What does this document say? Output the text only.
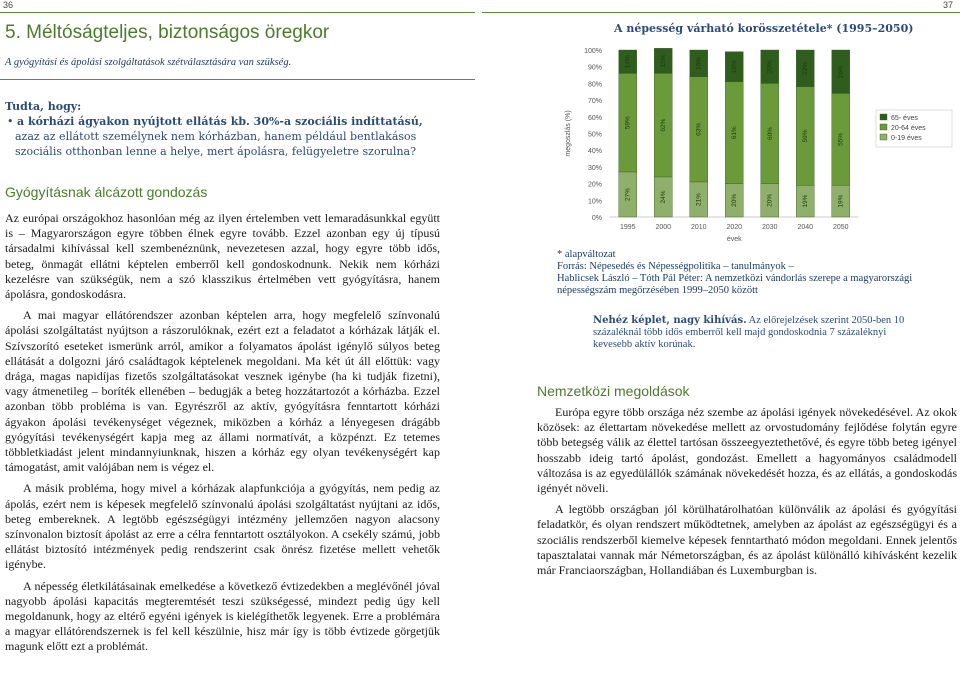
36	37
5. Méltóságteljes, biztonságos öregkor
A gyógyítási és ápolási szolgáltatások szétválasztására van szükség.
Tudta, hogy:
• a kórházi ágyakon nyújtott ellátás kb. 30%-a szociális indíttatású, azaz az ellátott személynek nem kórházban, hanem például bentlakásos szociális otthonban lenne a helye, mert ápolásra, felügyeletre szorulna?
Gyógyításnak álcázott gondozás

Az európai országokhoz hasonlóan még az ilyen értelemben vett lemaradásunkkal együtt is – Magyarországon egyre többen élnek egyre tovább. Ezzel azonban egy új típusú társadalmi kihívással kell szembenéznünk, nevezetesen azzal, hogy egyre több idős, beteg, önmagát ellátni képtelen emberről kell gondoskodnunk. Nekik nem kórházi kezelésre van szükségük, nem a szó klasszikus értelmében vett gyógyításra, hanem ápolásra, gondoskodásra.

A mai magyar ellátórendszer azonban képtelen arra, hogy megfelelő színvonalú ápolási szolgáltatást nyújtson a rászorulóknak, ezért ezt a feladatot a kórházak látják el. Szívszorító eseteket ismerünk arról, amikor a folyamatos ápolást igénylő súlyos beteg ellátását a dolgozni járó családtagok képtelenek megoldani. Ma két út áll előttük: vagy drága, magas napidíjas fizetős szolgáltatásokat vesznek igénybe (ha ki tudják fizetni), vagy átmenetileg – boríték ellenében – bedugják a beteg hozzátartozót a kórházba. Ezzel azonban több probléma is van. Egyrészről az aktív, gyógyításra fenntartott kórházi ágyakon ápolási tevékenységet végeznek, miközben a kórház a lényegesen drágább gyógyítási tevékenységért kapja meg az állami normatívát, a közpénzt. Ez tetemes többletkiadást jelent mindannyiunknak, hiszen a kórház egy olyan tevékenységért kap támogatást, amit valójában nem is végez el.

A másik probléma, hogy mivel a kórházak alapfunkciója a gyógyítás, nem pedig az ápolás, ezért nem is képesek megfelelő színvonalú ápolási szolgáltatást nyújtani az idős, beteg embereknek. A legtöbb egészségügyi intézmény jellemzően nagyon alacsony színvonalon biztosít ápolást az erre a célra fenntartott osztályokon. A csekély számú, jobb ellátást biztosító intézmények pedig rendszerint csak önrész fizetése mellett vehetők igénybe.

A népesség életkilátásainak emelkedése a következő évtizedekben a meglévőnél jóval nagyobb ápolási kapacitás megteremtését teszi szükségessé, mindezt pedig úgy kell megoldanunk, hogy az eltérő egyéni igények is kielégíthetők legyenek. Erre a problémára a magyar ellátórendszernek is fel kell készülnie, hisz már így is több évtizede görgetjük magunk előtt ezt a problémát.

A népesség várható korösszetétele* (1995–2050)
0%
10%
20%
30%
40%
50%
60%
70%
80%
90%
100%
megoszlás (%)
27%
59%
14%
1995
24%
62%
15%
2000
21%
63%
16%
2010
20%
61%
18%
2020
20%
60%
20%
2030
19%
59%
22%
2040
19%
55%
26%
2050
évek
65- éves
20-64 éves
0-19 éves
* alapváltozat
Forrás: Népesedés és Népességpolitika – tanulmányok –
Hablicsek László – Tóth Pál Péter: A nemzetközi vándorlás szerepe a magyarországi népességszám megőrzésében 1999–2050 között
Nehéz képlet, nagy kihívás. Az előrejelzések szerint 2050-ben 10 százaléknál több idős emberről kell majd gondoskodnia 7 százaléknyi kevesebb aktív korúnak.
Nemzetközi megoldások

Európa egyre több országa néz szembe az ápolási igények növekedésével. Az okok közösek: az élettartam növekedése mellett az orvostudomány fejlődése folytán egyre több betegség válik az élettel tartósan összeegyeztethetővé, és egyre több beteg igényel hosszabb ideig tartó ápolást, gondozást. Emellett a hagyományos családmodell változása is az egyedülállók számának növekedését hozza, és az ellátás, a gondoskodás igényét növeli.

A legtöbb országban jól körülhatárolhatóan különválik az ápolási és gyógyítási feladatkör, és olyan rendszert működtetnek, amelyben az ápolást az egészségügyi és a szociális rendszerből kiemelve képesek fenntartható módon megoldani. Ennek jelentős tapasztalatai vannak már Németországban, és az ápolást különálló kihívásként kezelik már Franciaországban, Hollandiában és Luxemburgban is.
